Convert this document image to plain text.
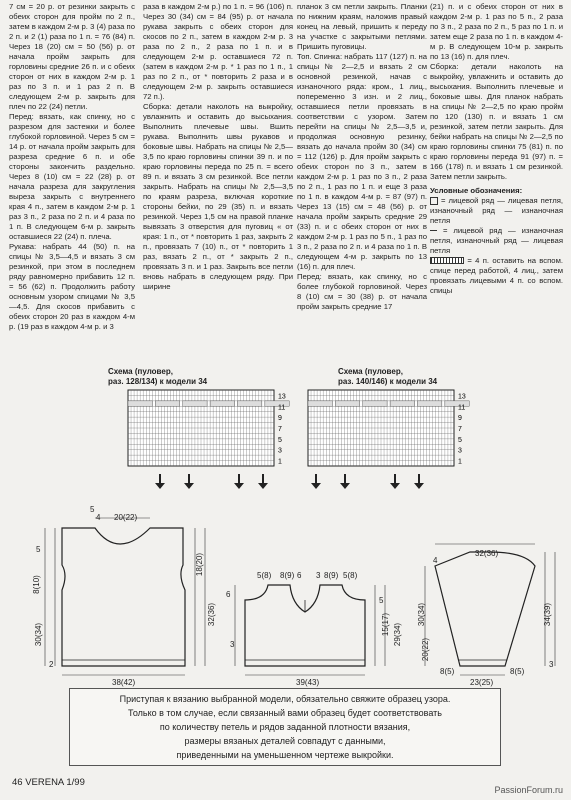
7 см = 20 р. от резинки закрыть с обеих сторон для пройм по 2 п., затем в каждом 2-м р. 3 (4) раза по 2 п. и 2 (1) раза по 1 п. = 76 (84) п. Через 18 (20) см = 50 (56) р. от начала пройм закрыть для горловины средние 26 п. и с обеих сторон от них в каждом 2-м р. 1 раз по 3 п. и 1 раз 2 п. В следующем 2-м р. закрыть для плеч по 22 (24) петли.

Перед: вязать, как спинку, но с разрезом для застежки и более глубокой горловиной. Через 5 см = 14 р. от начала пройм закрыть для разреза средние 6 п. и обе стороны закончить раздельно. Через 8 (10) см = 22 (28) р. от начала разреза для закругления выреза закрыть с внутреннего края 4 п., затем в каждом 2-м р. 1 раз 3 п., 2 раза по 2 п. и 4 раза по 1 п. В следующем 6-м р. закрыть оставшиеся 22 (24) п. плеча.

Рукава: набрать 44 (50) п. на спицы № 3,5—4,5 и вязать 3 см резинкой, при этом в последнем ряду равномерно прибавить 12 п. = 56 (62) п. Продолжить работу основным узором спицами № 3,5—4,5. Для скосов прибавить с обеих сторон 20 раз в каждом 4-м р. (19 раз в каждом 4-м р. и 3

раза в каждом 2-м р.) по 1 п. = 96 (106) п. Через 30 (34) см = 84 (95) р. от начала рукава закрыть с обеих сторон для скосов по 2 п., затем в каждом 2-м р. 3 раза по 2 п., 2 раза по 1 п. и в следующем 2-м р. оставшиеся 72 п. (затем в каждом 2-м р. * 1 раз по 1 п., 1 раз по 2 п., от * повторить 2 раза и в следующем 2-м р. закрыть оставшиеся 72 п.).

Сборка: детали наколоть на выкройку, увлажнить и оставить до высыхания. Выполнить плечевые швы. Вшить рукава. Выполнить швы рукавов и боковые швы. Набрать на спицы № 2,5—3,5 по краю горловины спинки 39 п. и по краю горловины переда по 25 п. = всего 89 п. и вязать 3 см резинкой. Все петли закрыть. Набрать на спицы № 2,5—3,5 по краям разреза, включая короткие стороны бейки, по 29 (35) п. и вязать резинкой. Через 1,5 см на правой планке вывязать 3 отверстия для пуговиц « от края: 1 п., от * повторить 1 раз, закрыть 2 п., провязать 7 (10) п., от * повторить 1 раз, вязать 2 п., от * закрыть 2 п., провязать 3 п. и 1 раз. Закрыть все петли вновь набрать в следующем ряду. При ширине

планок 3 см петли закрыть. Планки по нижним краям, наложив правый конец на левый, пришить к переду на участке с закрытыми петлями. Пришить пуговицы.

Топ. Спинка: набрать 117 (127) п. на спицы № 2—2,5 и вязать 2 см основной резинкой, начав с изнаночного ряда: кром., 1 лиц., попеременно 3 изн. и 2 лиц., оставшиеся петли провязать в соответствии с узором. Затем перейти на спицы № 2,5—3,5 и, продолжая основную резинку, вязать до начала пройм 30 (34) см = 112 (126) р. Для пройм закрыть с обеих сторон по 3 п., затем в каждом 2-м р. 1 раз по 3 п., 2 раза по 2 п., 1 раз по 1 п. и еще 3 раза по 1 п. в каждом 4-м р. = 87 (97) п. Через 13 (15) см = 48 (56) р. от начала пройм закрыть средние 29 (33) п. и с обеих сторон от них в каждом 2-м р. 1 раз по 5 п., 1 раз по 3 п., 2 раза по 2 п. и 4 раза по 1 п. В следующем 4-м р. закрыть по 13 (16) п. для плеч.

Перед: вязать, как спинку, но с более глубокой горловиной. Через 8 (10) см = 30 (38) р. от начала пройм закрыть средние 17

(21) п. и с обеих сторон от них в каждом 2-м р. 1 раз по 5 п., 2 раза по 3 п., 2 раза по 2 п., 5 раз по 1 п. и затем еще 2 раза по 1 п. в каждом 4-м р. В следующем 10-м р. закрыть по 13 (16) п. для плеч.

Сборка: детали наколоть на выкройку, увлажнить и оставить до высыхания. Выполнить плечевые и боковые швы. Для планок набрать на спицы № 2—2,5 по краю пройм по 120 (130) п. и вязать 1 см резинкой, затем петли закрыть. Для бейки набрать на спицы № 2—2,5 по краю горловины спинки 75 (81) п. по краю горловины переда 91 (97) п. = 166 (178) п. и вязать 1 см резинкой. Затем петли закрыть.

Условные обозначения:

= лицевой ряд — лицевая петля, изнаночный ряд — изнаночная петля

= лицевой ряд — изнаночная петля, изнаночный ряд — лицевая петля

= 4 п. оставить на вспом. спице перед работой, 4 лиц., затем провязать лицевыми 4 п. со вспом. спицы

Схема (пуловер,
раз. 128/134) к модели 34
Схема (пуловер,
раз. 140/146) к модели 34
13
11
9
7
5
3
1
13
11
9
7
5
3
1
20(22)
5
4
5
8(10)
30(34)
2
18(20)
32(36)
38(42)
6
5(8) 8(9)	3 8(9) 5(8)
6
3
5
15(17) 29(34)
39(43)
32(36)
4
30(34)
20(22)
34(39)
3
8(5)	8(5)
23(25)
Приступая к вязанию выбранной модели, обязательно свяжите образец узора.
Только в том случае, если связанный вами образец будет соответствовать
по количеству петель и рядов заданной плотности вязания,
размеры вязаных деталей совпадут с данными,
приведенными на уменьшенном чертеже выкройки.
46 VERENA 1/99
PassionForum.ru
